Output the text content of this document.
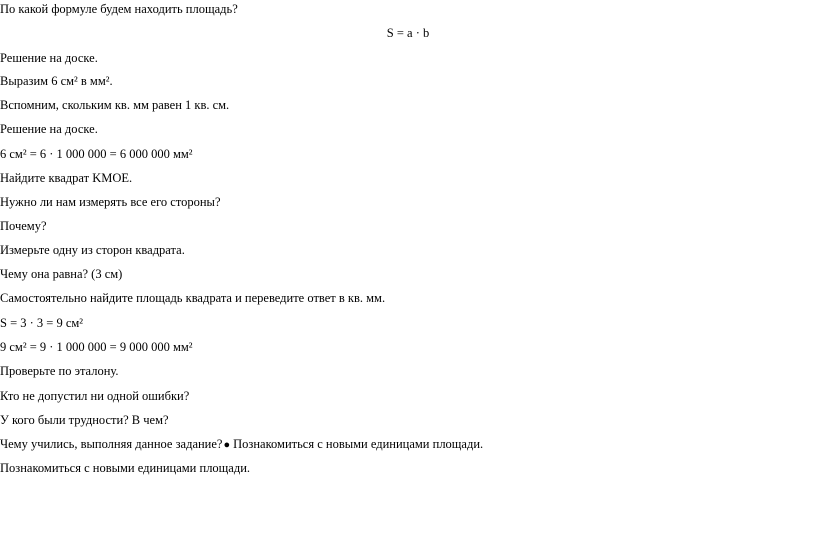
По какой формуле будем находить площадь?
S = a · b
Решение на доске.
Выразим 6 см² в мм².
Вспомним, скольким кв. мм равен 1 кв. см.
Решение на доске.
6 см² = 6 · 1 000 000 = 6 000 000 мм²
Найдите квадрат KMOE.
Нужно ли нам измерять все его стороны?
Почему?
Измерьте одну из сторон квадрата.
Чему она равна? (3 см)
Самостоятельно найдите площадь квадрата и переведите ответ в кв. мм.
S = 3 · 3 = 9 см²
9 см² = 9 · 1 000 000 = 9 000 000 мм²
Проверьте по эталону.
Кто не допустил ни одной ошибки?
У кого были трудности? В чем?
Чему учились, выполняя данное задание?● Познакомиться с новыми единицами площади.
Познакомиться с новыми единицами площади.
